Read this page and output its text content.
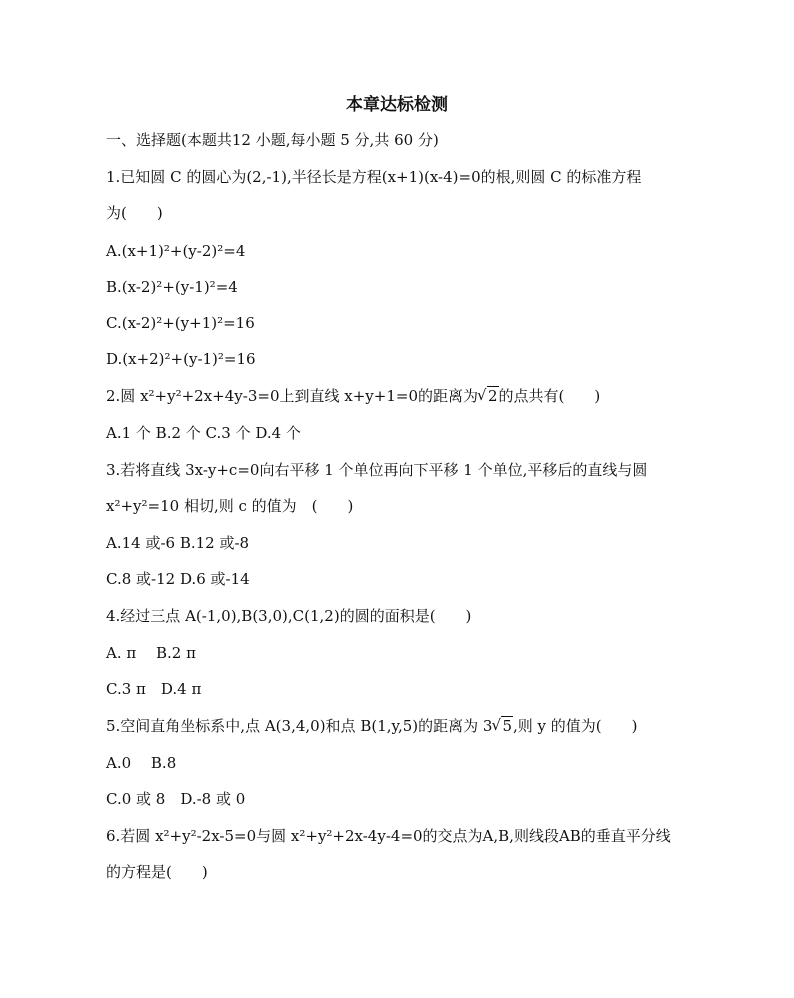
本章达标检测
一、选择题(本题共12 小题,每小题 5 分,共 60 分)
1.已知圆 C 的圆心为(2,-1),半径长是方程(x+1)(x-4)=0的根,则圆 C 的标准方程
为(　　)
A.(x+1)²+(y-2)²=4
B.(x-2)²+(y-1)²=4
C.(x-2)²+(y+1)²=16
D.(x+2)²+(y-1)²=16
2.圆 x²+y²+2x+4y-3=0上到直线 x+y+1=0的距离为 √ 2的点共有(　　)
A.1 个 B.2 个 C.3 个 D.4 个
3.若将直线 3x-y+c=0向右平移 1 个单位再向下平移 1 个单位,平移后的直线与圆
x²+y²=10 相切,则 c 的值为　(　　)
A.14 或-6 B.12 或-8
C.8 或-12 D.6 或-14
4.经过三点 A(-1,0),B(3,0),C(1,2)的圆的面积是(　　)
A. π　 B.2 π
C.3 π　D.4 π
5.空间直角坐标系中,点 A(3,4,0)和点 B(1,y,5)的距离为 3 √ 5,则 y 的值为(　　)
A.0　 B.8
C.0 或 8　D.-8 或 0
6.若圆 x²+y²-2x-5=0与圆 x²+y²+2x-4y-4=0的交点为A,B,则线段AB的垂直平分线
的方程是(　　)
